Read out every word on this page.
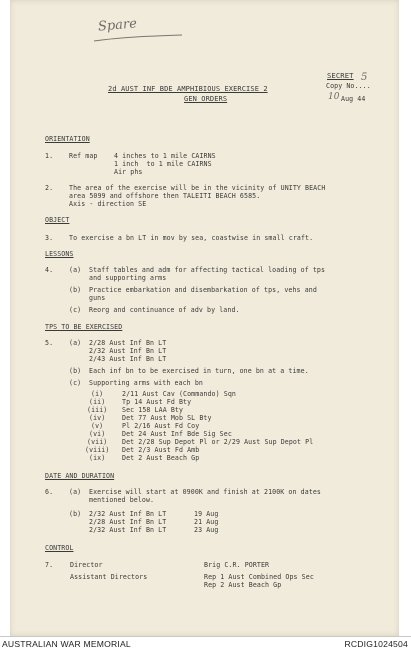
Spare
SECRET
Copy No....
5
10 Aug 44
2d AUST INF BDE AMPHIBIOUS EXERCISE 2
GEN ORDERS
ORIENTATION
1. Ref map	4 inches to 1 mile CAIRNS
1 inch  to 1 mile CAIRNS
Air phs
2. The area of the exercise will be in the vicinity of UNITY BEACH
area 5099 and offshore then TALEITI BEACH 6585.
Axis - direction SE
OBJECT
3. To exercise a bn LT in mov by sea, coastwise in small craft.
LESSONS
4. (a) Staff tables and adm for affecting tactical loading of tps
and supporting arms
(b) Practice embarkation and disembarkation of tps, vehs and
guns
(c) Reorg and continuance of adv by land.
TPS TO BE EXERCISED
5. (a) 2/28 Aust Inf Bn LT
2/32 Aust Inf Bn LT
2/43 Aust Inf Bn LT
(b) Each inf bn to be exercised in turn, one bn at a time.
(c) Supporting arms with each bn
(i)	2/11 Aust Cav (Commando) Sqn
(ii)	Tp 14 Aust Fd Bty
(iii) Sec 158 LAA Bty
(iv)	Det 77 Aust Mob SL Bty
(v)	Pl 2/16 Aust Fd Coy
(vi)	Det 24 Aust Inf Bde Sig Sec
(vii) Det 2/28 Sup Depot Pl or 2/29 Aust Sup Depot Pl
(viii) Det 2/3 Aust Fd Amb
(ix)	Det 2 Aust Beach Gp
DATE AND DURATION
6. (a) Exercise will start at 0900K and finish at 2100K on dates
mentioned below.
(b) 2/32 Aust Inf Bn LT	19 Aug
2/28 Aust Inf Bn LT	21 Aug
2/32 Aust Inf Bn LT	23 Aug
CONTROL
7.	Director	Brig C.R. PORTER
Assistant Directors	Rep 1 Aust Combined Ops Sec
Rep 2 Aust Beach Gp
AUSTRALIAN WAR MEMORIAL	RCDIG1024504
